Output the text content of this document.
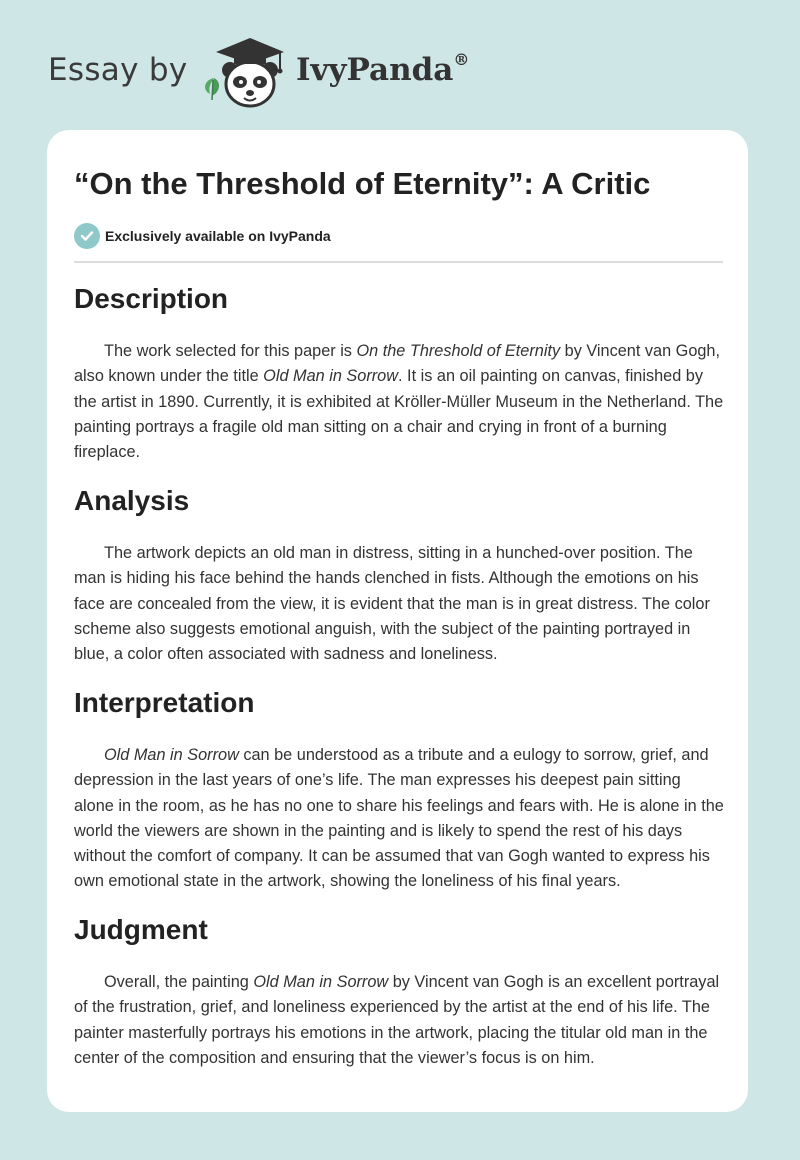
Essay by	IvyPanda®
“On the Threshold of Eternity”: A Critic
Exclusively available on IvyPanda
Description

The work selected for this paper is On the Threshold of Eternity by Vincent van Gogh, also known under the title Old Man in Sorrow. It is an oil painting on canvas, finished by the artist in 1890. Currently, it is exhibited at Kröller-Müller Museum in the Netherland. The painting portrays a fragile old man sitting on a chair and crying in front of a burning fireplace.

Analysis

The artwork depicts an old man in distress, sitting in a hunched-over position. The man is hiding his face behind the hands clenched in fists. Although the emotions on his face are concealed from the view, it is evident that the man is in great distress. The color scheme also suggests emotional anguish, with the subject of the painting portrayed in blue, a color often associated with sadness and loneliness.

Interpretation

Old Man in Sorrow can be understood as a tribute and a eulogy to sorrow, grief, and depression in the last years of one’s life. The man expresses his deepest pain sitting alone in the room, as he has no one to share his feelings and fears with. He is alone in the world the viewers are shown in the painting and is likely to spend the rest of his days without the comfort of company. It can be assumed that van Gogh wanted to express his own emotional state in the artwork, showing the loneliness of his final years.

Judgment

Overall, the painting Old Man in Sorrow by Vincent van Gogh is an excellent portrayal of the frustration, grief, and loneliness experienced by the artist at the end of his life. The painter masterfully portrays his emotions in the artwork, placing the titular old man in the center of the composition and ensuring that the viewer’s focus is on him.
